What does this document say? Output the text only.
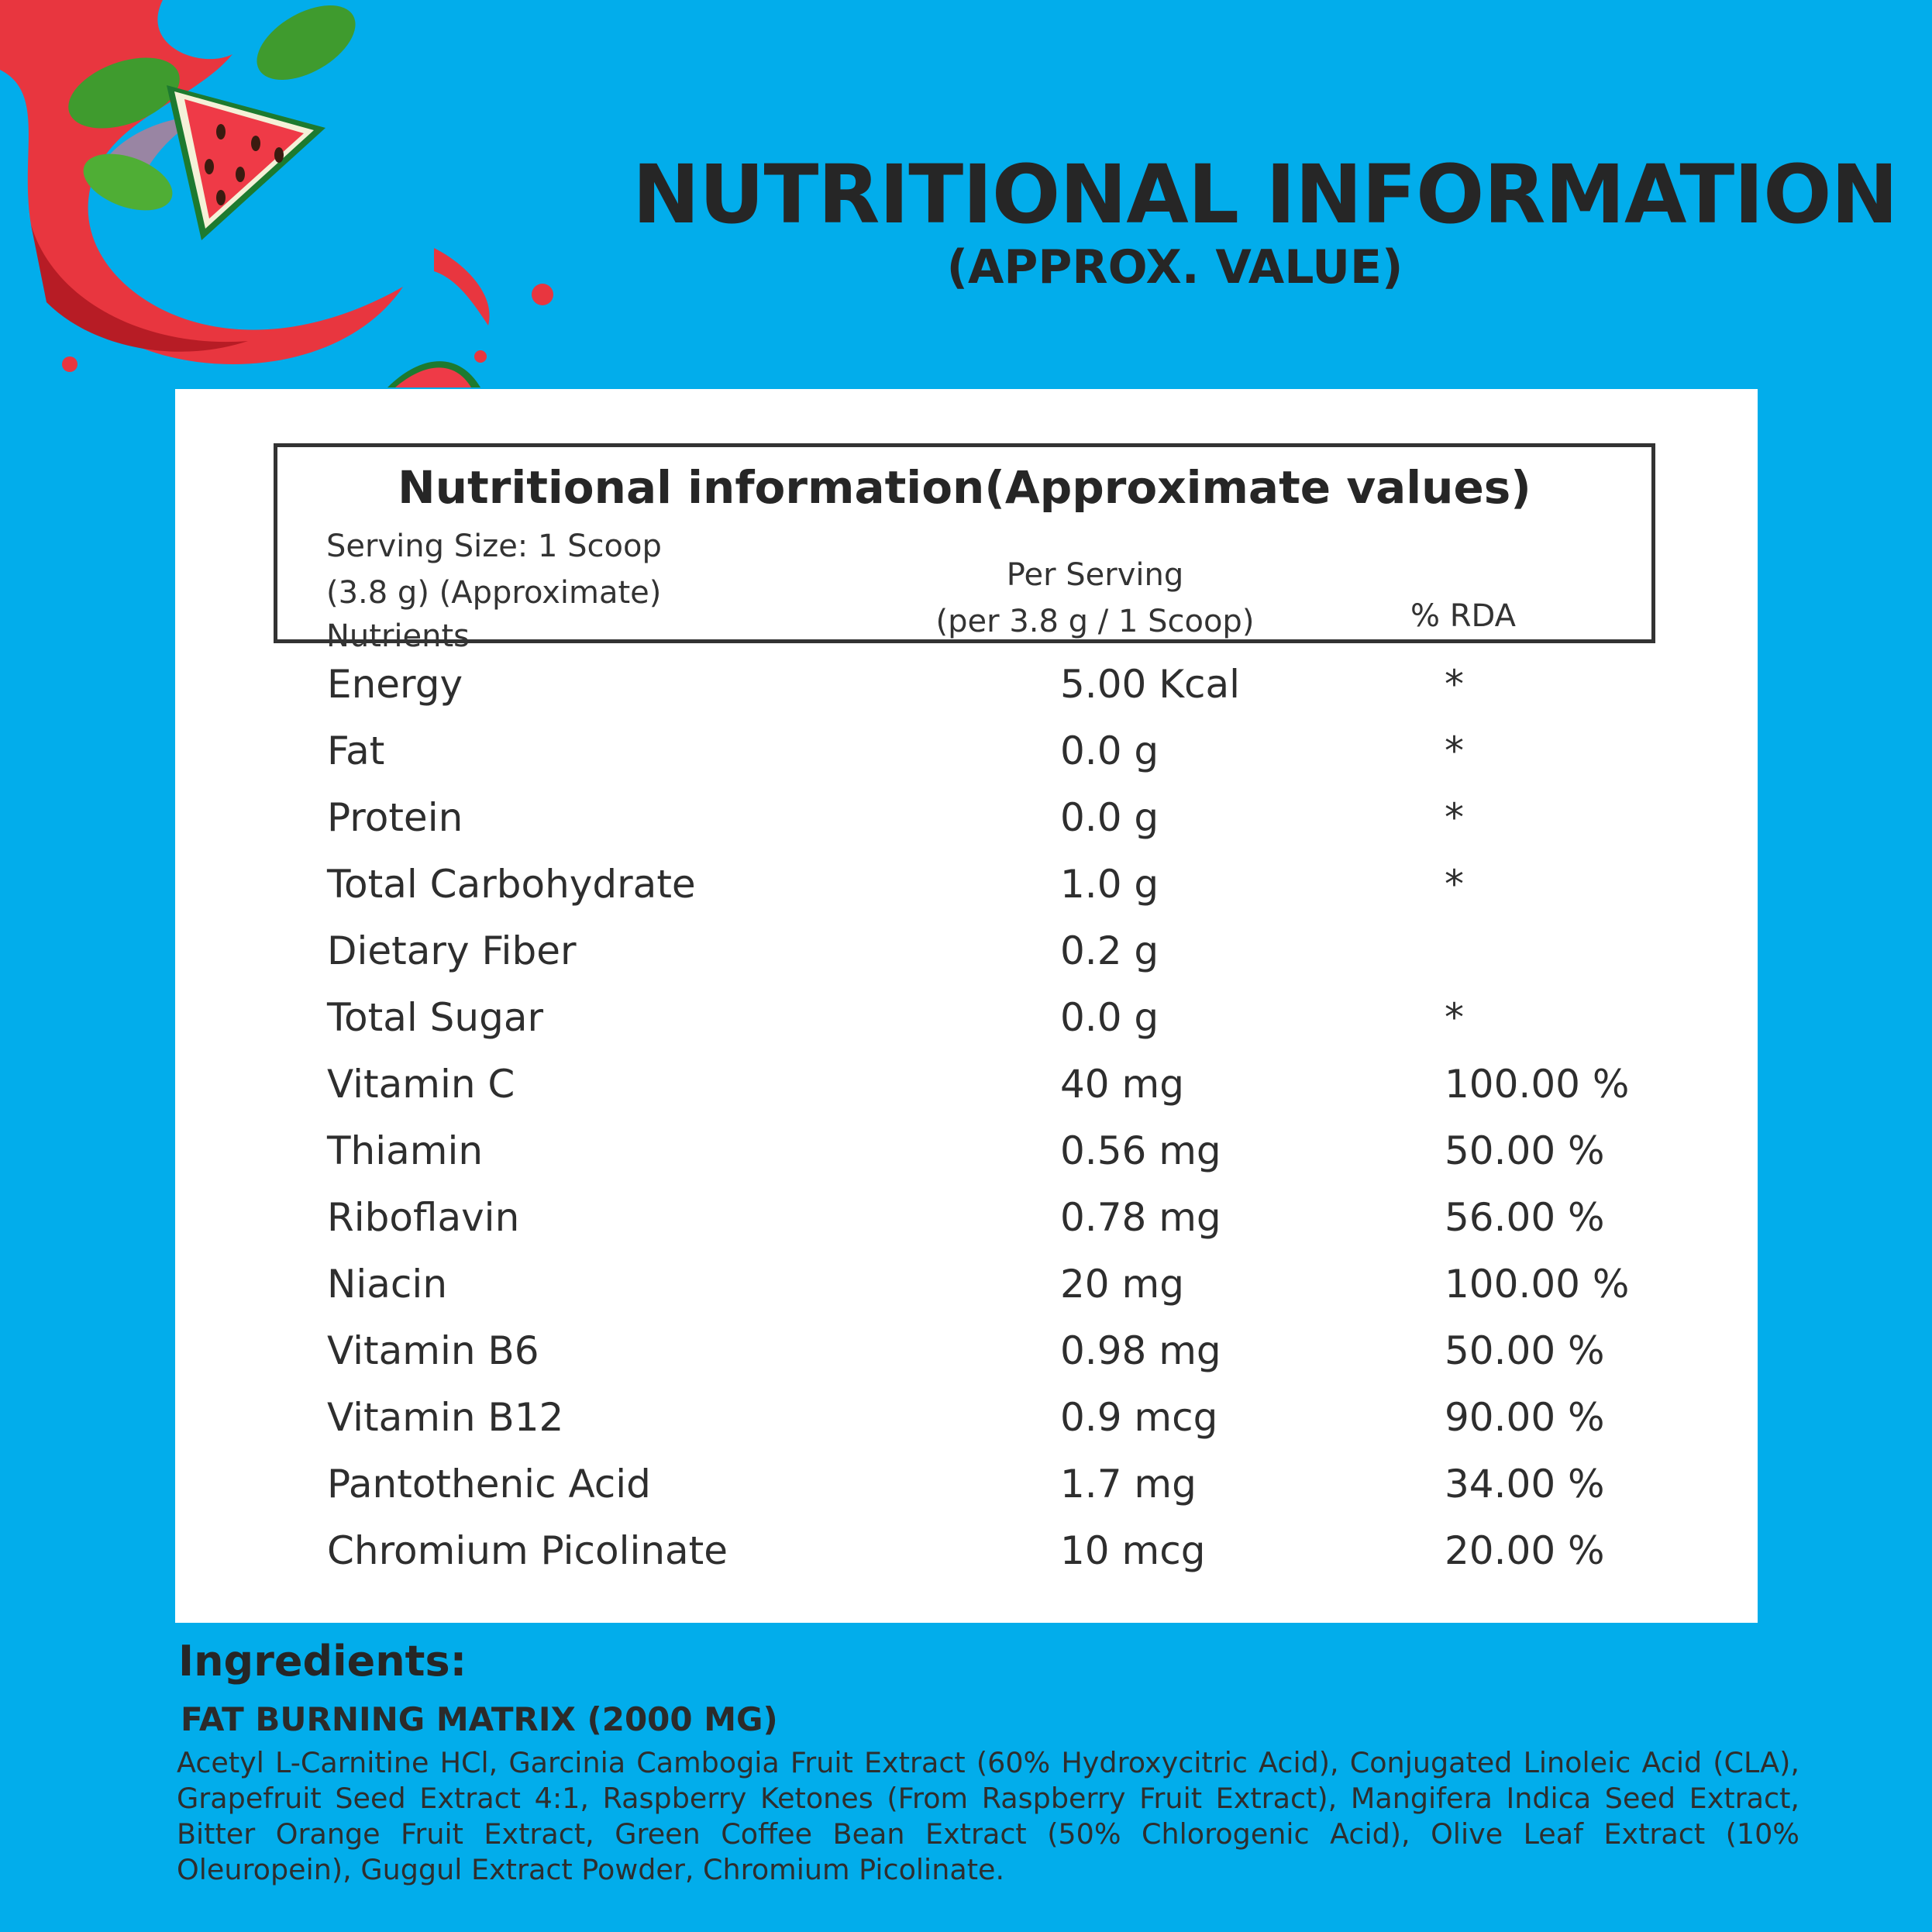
NUTRITIONAL INFORMATION
(APPROX. VALUE)
Nutritional information(Approximate values)
Serving Size: 1 Scoop
(3.8 g) (Approximate)
Nutrients
Per Serving
(per 3.8 g / 1 Scoop)	% RDA
Energy	5.00 Kcal	*
Fat	0.0 g	*
Protein	0.0 g	*
Total Carbohydrate	1.0 g	*
Dietary Fiber	0.2 g
Total Sugar	0.0 g	*
Vitamin C	40 mg	100.00 %
Thiamin	0.56 mg	50.00 %
Riboflavin	0.78 mg	56.00 %
Niacin	20 mg	100.00 %
Vitamin B6	0.98 mg	50.00 %
Vitamin B12	0.9 mcg	90.00 %
Pantothenic Acid	1.7 mg	34.00 %
Chromium Picolinate	10 mcg	20.00 %
Ingredients:
FAT BURNING MATRIX (2000 MG)
Acetyl L-Carnitine HCl, Garcinia Cambogia Fruit Extract (60% Hydroxycitric Acid), Conjugated Linoleic Acid (CLA), Grapefruit Seed Extract 4:1, Raspberry Ketones (From Raspberry Fruit Extract), Mangifera Indica Seed Extract, Bitter Orange Fruit Extract, Green Coffee Bean Extract (50% Chlorogenic Acid), Olive Leaf Extract (10% Oleuropein), Guggul Extract Powder, Chromium Picolinate.
